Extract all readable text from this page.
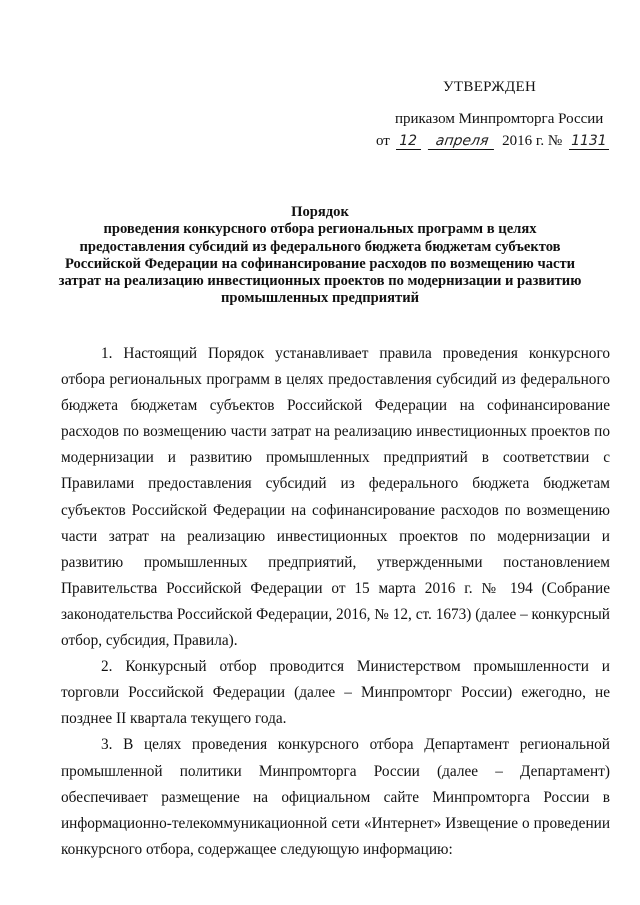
УТВЕРЖДЕН
приказом Минпромторга России
от 12 апреля 2016 г. № 1131
Порядок
проведения конкурсного отбора региональных программ в целях
предоставления субсидий из федерального бюджета бюджетам субъектов
Российской Федерации на софинансирование расходов по возмещению части
затрат на реализацию инвестиционных проектов по модернизации и развитию
промышленных предприятий

1. Настоящий Порядок устанавливает правила проведения конкурсного отбора региональных программ в целях предоставления субсидий из федерального бюджета бюджетам субъектов Российской Федерации на софинансирование расходов по возмещению части затрат на реализацию инвестиционных проектов по модернизации и развитию промышленных предприятий в соответствии с Правилами предоставления субсидий из федерального бюджета бюджетам субъектов Российской Федерации на софинансирование расходов по возмещению части затрат на реализацию инвестиционных проектов по модернизации и развитию промышленных предприятий, утвержденными постановлением Правительства Российской Федерации от 15 марта 2016 г. № 194 (Собрание законодательства Российской Федерации, 2016, № 12, ст. 1673) (далее – конкурсный отбор, субсидия, Правила).

2. Конкурсный отбор проводится Министерством промышленности и торговли Российской Федерации (далее – Минпромторг России) ежегодно, не позднее II квартала текущего года.

3. В целях проведения конкурсного отбора Департамент региональной промышленной политики Минпромторга России (далее – Департамент) обеспечивает размещение на официальном сайте Минпромторга России в информационно-телекоммуникационной сети «Интернет» Извещение о проведении конкурсного отбора, содержащее следующую информацию:
